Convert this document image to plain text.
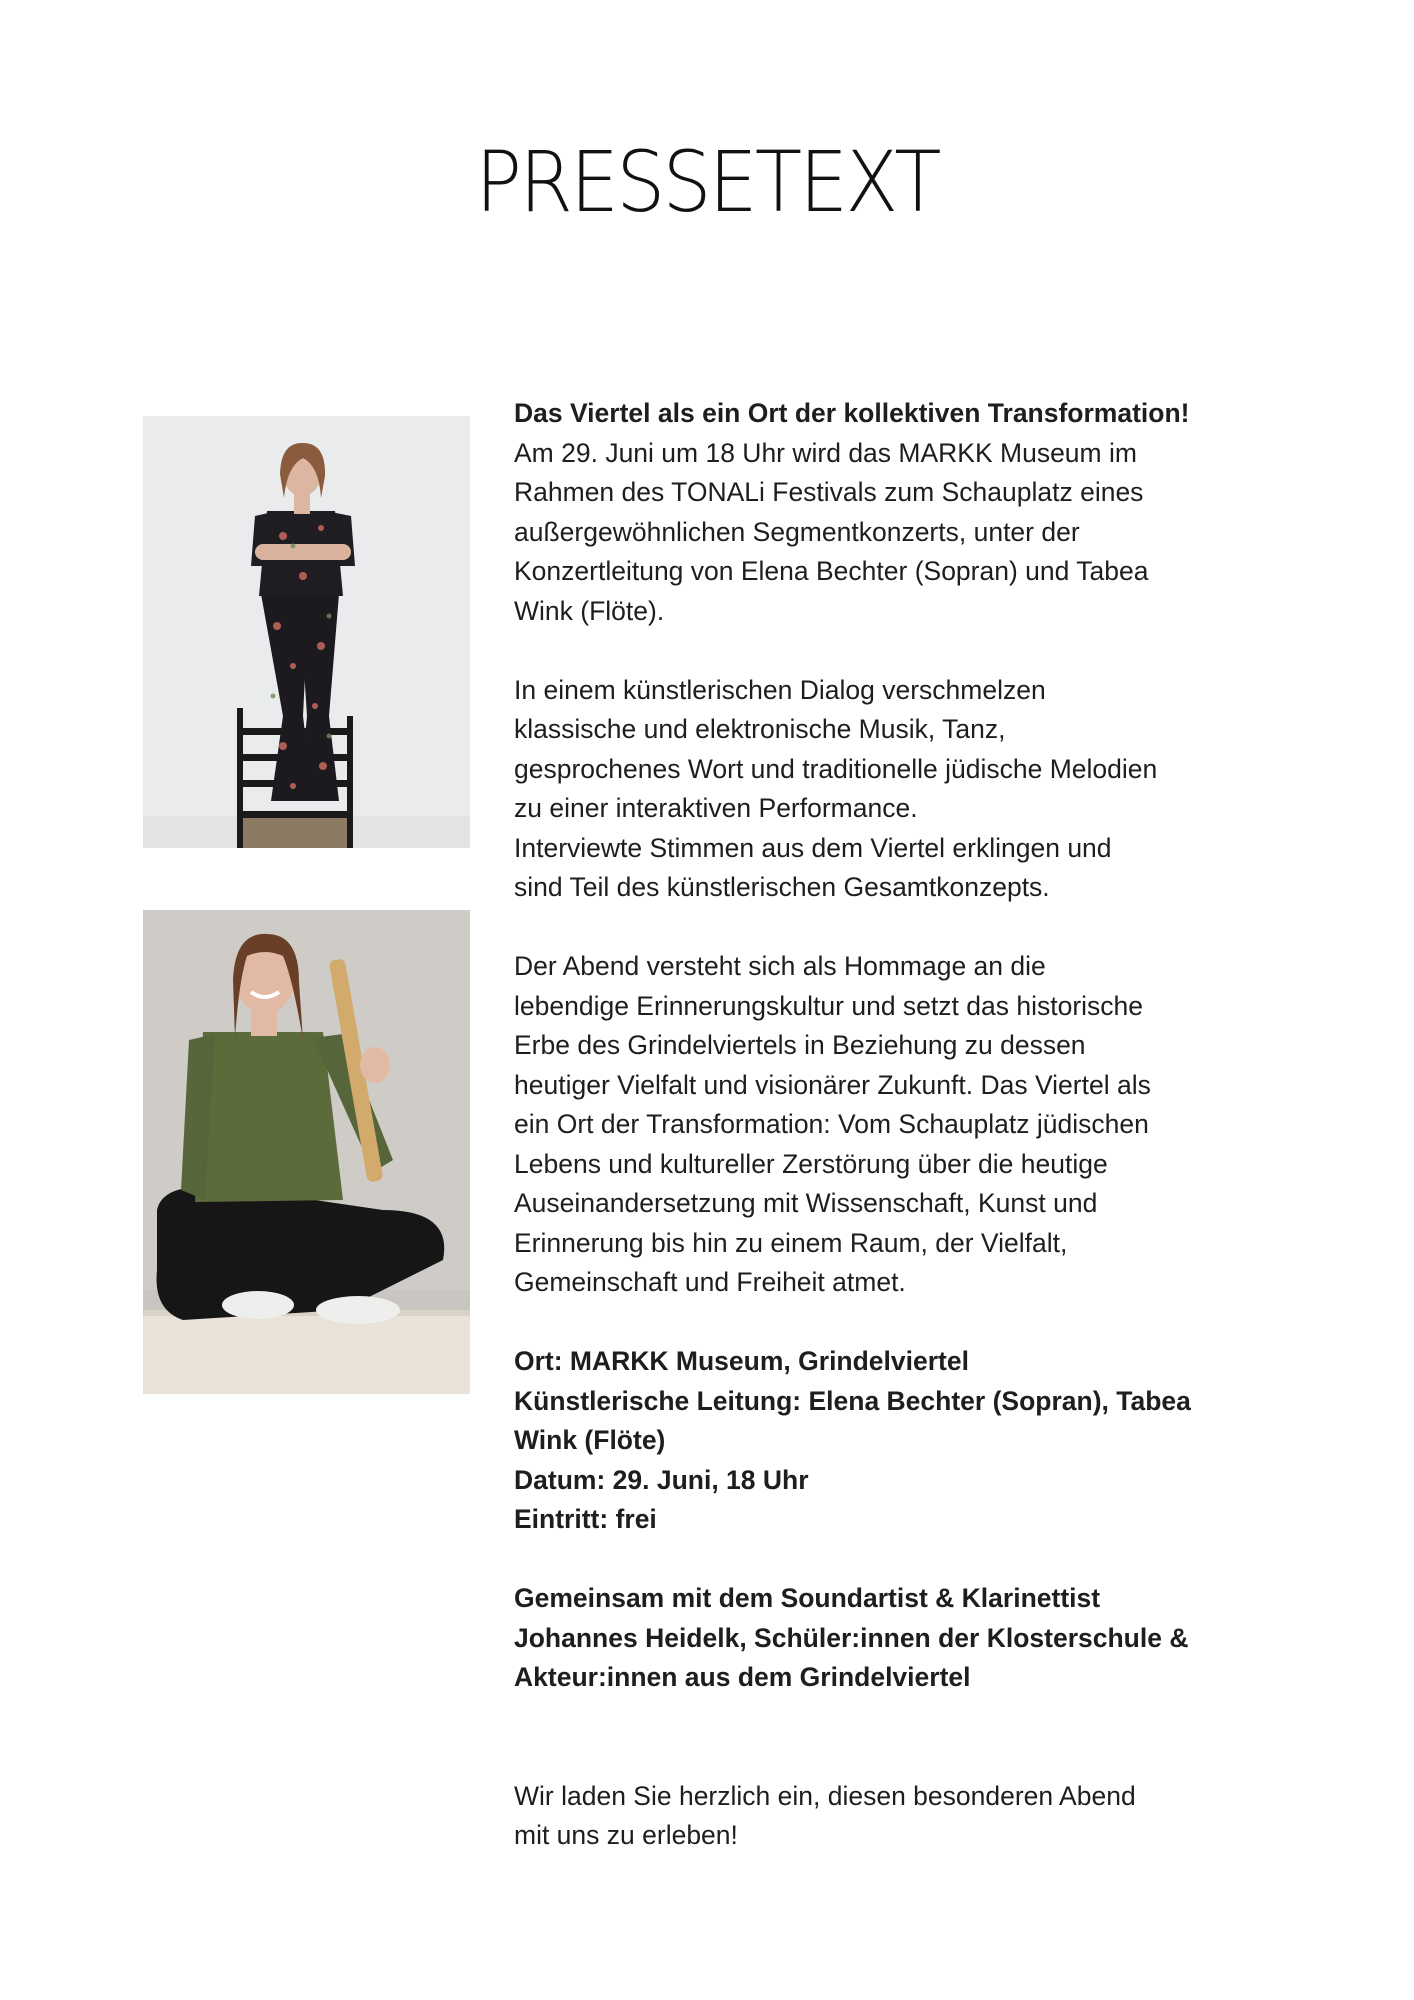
PRESSETEXT

Das Viertel als ein Ort der kollektiven Transformation!

Am 29. Juni um 18 Uhr wird das MARKK Museum im

Rahmen des TONALi Festivals zum Schauplatz eines

außergewöhnlichen Segmentkonzerts, unter der

Konzertleitung von Elena Bechter (Sopran) und Tabea

Wink (Flöte).

In einem künstlerischen Dialog verschmelzen

klassische und elektronische Musik, Tanz,

gesprochenes Wort und traditionelle jüdische Melodien

zu einer interaktiven Performance.

Interviewte Stimmen aus dem Viertel erklingen und

sind Teil des künstlerischen Gesamtkonzepts.

Der Abend versteht sich als Hommage an die

lebendige Erinnerungskultur und setzt das historische

Erbe des Grindelviertels in Beziehung zu dessen

heutiger Vielfalt und visionärer Zukunft. Das Viertel als

ein Ort der Transformation: Vom Schauplatz jüdischen

Lebens und kultureller Zerstörung über die heutige

Auseinandersetzung mit Wissenschaft, Kunst und

Erinnerung bis hin zu einem Raum, der Vielfalt,

Gemeinschaft und Freiheit atmet.

Ort: MARKK Museum, Grindelviertel

Künstlerische Leitung: Elena Bechter (Sopran), Tabea

Wink (Flöte)

Datum: 29. Juni, 18 Uhr

Eintritt: frei

Gemeinsam mit dem Soundartist & Klarinettist

Johannes Heidelk, Schüler:innen der Klosterschule &

Akteur:innen aus dem Grindelviertel

Wir laden Sie herzlich ein, diesen besonderen Abend

mit uns zu erleben!
